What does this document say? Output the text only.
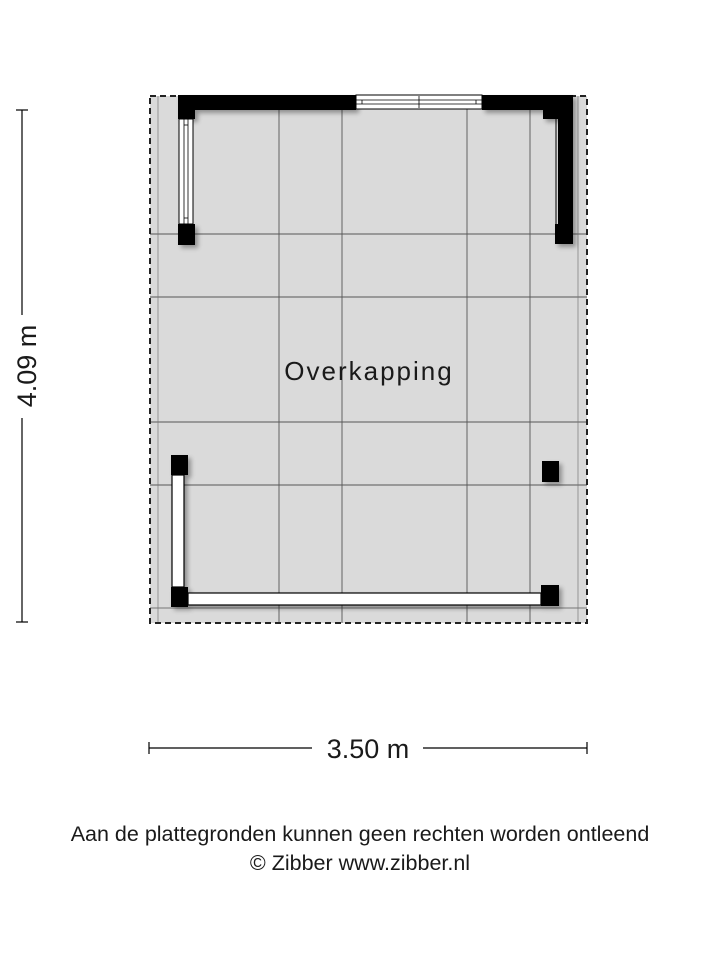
Overkapping
4.09 m
3.50 m
Aan de plattegronden kunnen geen rechten worden ontleend
© Zibber www.zibber.nl
